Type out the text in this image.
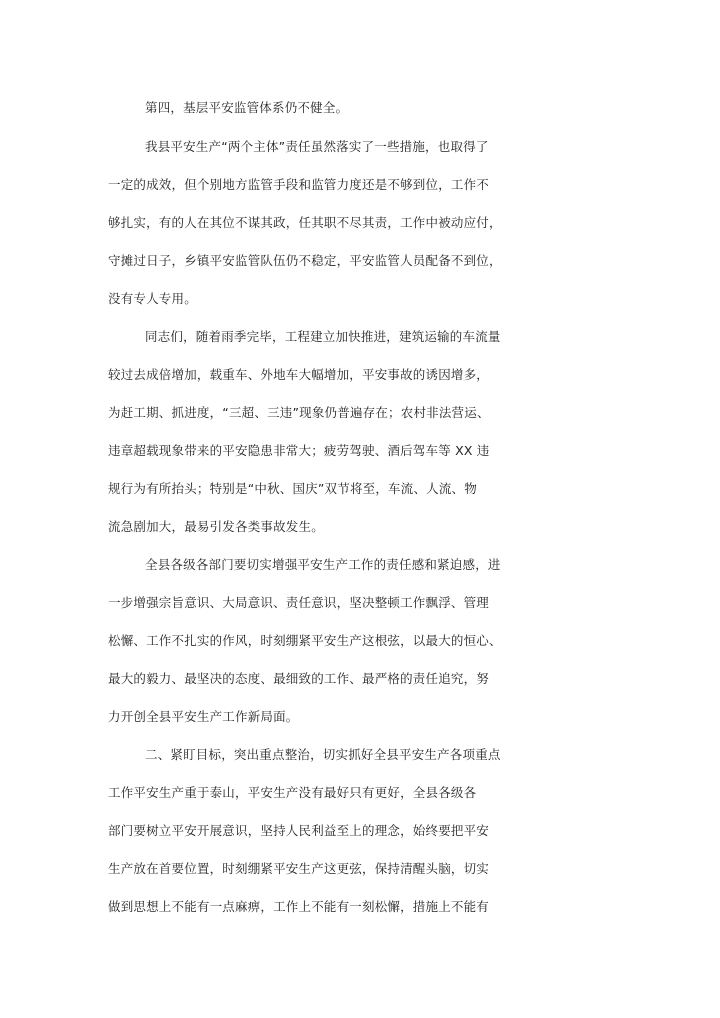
第四，基层平安监管体系仍不健全。
我县平安生产“两个主体”责任虽然落实了一些措施，也取得了
一定的成效，但个别地方监管手段和监管力度还是不够到位，工作不
够扎实，有的人在其位不谋其政，任其职不尽其责，工作中被动应付，
守摊过日子，乡镇平安监管队伍仍不稳定，平安监管人员配备不到位，
没有专人专用。
同志们，随着雨季完毕，工程建立加快推进，建筑运输的车流量
较过去成倍增加，载重车、外地车大幅增加，平安事故的诱因增多，
为赶工期、抓进度，“三超、三违”现象仍普遍存在；农村非法营运、
违章超载现象带来的平安隐患非常大；疲劳驾驶、酒后驾车等 XX 违
规行为有所抬头；特别是“中秋、国庆”双节将至，车流、人流、物
流急剧加大，最易引发各类事故发生。
全县各级各部门要切实增强平安生产工作的责任感和紧迫感，进
一步增强宗旨意识、大局意识、责任意识，坚决整顿工作飘浮、管理
松懈、工作不扎实的作风，时刻绷紧平安生产这根弦，以最大的恒心、
最大的毅力、最坚决的态度、最细致的工作、最严格的责任追究，努
力开创全县平安生产工作新局面。
二、紧盯目标，突出重点整治，切实抓好全县平安生产各项重点
工作平安生产重于泰山，平安生产没有最好只有更好，全县各级各
部门要树立平安开展意识，坚持人民利益至上的理念，始终要把平安
生产放在首要位置，时刻绷紧平安生产这更弦，保持清醒头脑，切实
做到思想上不能有一点麻痹，工作上不能有一刻松懈，措施上不能有
